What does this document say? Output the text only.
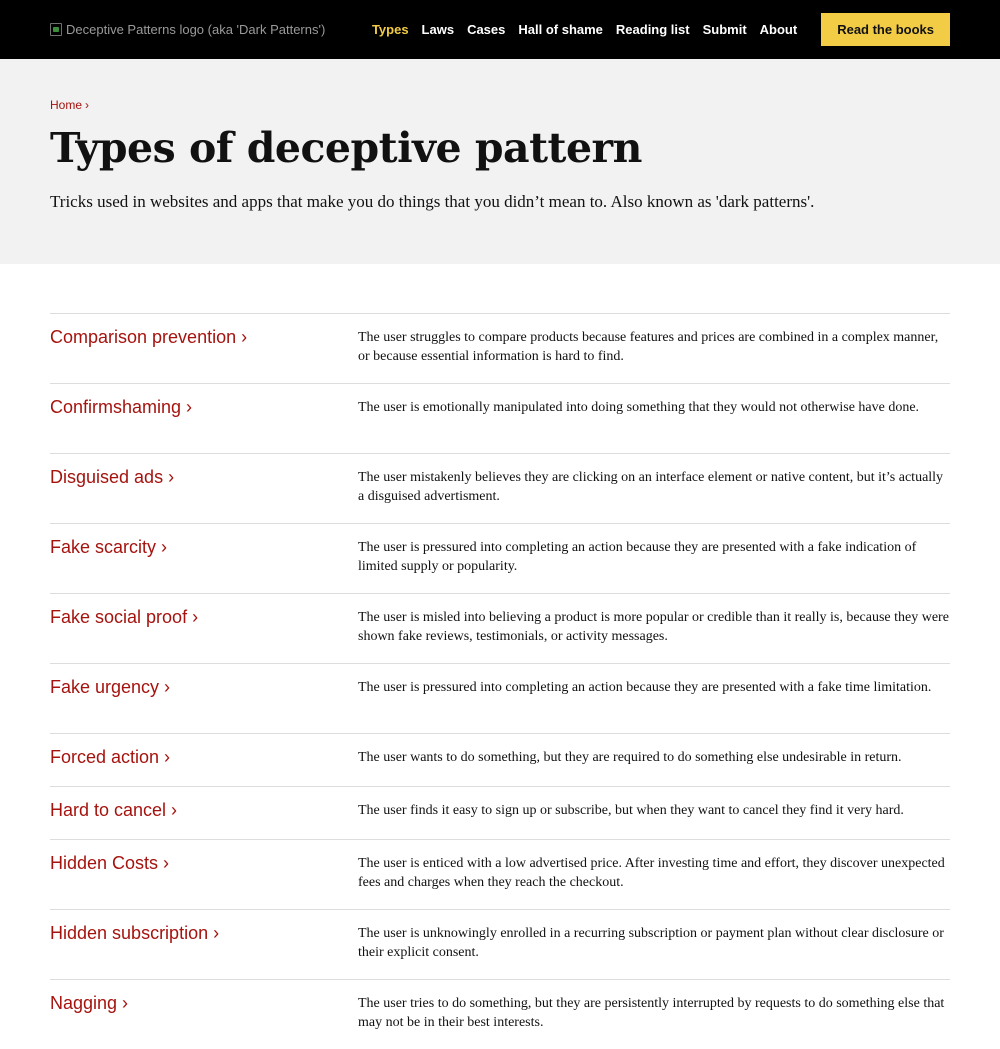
Deceptive Patterns logo (aka 'Dark Patterns')	Types Laws Cases Hall of shame Reading list Submit About	Read the books
Home ›
Types of deceptive pattern

Tricks used in websites and apps that make you do things that you didn’t mean to. Also known as 'dark patterns'.

Comparison prevention ›	The user struggles to compare products because features and prices are combined in a complex manner, or because essential information is hard to find.

Confirmshaming ›	The user is emotionally manipulated into doing something that they would not otherwise have done.

Disguised ads ›	The user mistakenly believes they are clicking on an interface element or native content, but it’s actually a disguised advertisment.

Fake scarcity ›	The user is pressured into completing an action because they are presented with a fake indication of limited supply or popularity.

Fake social proof ›	The user is misled into believing a product is more popular or credible than it really is, because they were shown fake reviews, testimonials, or activity messages.

Fake urgency ›	The user is pressured into completing an action because they are presented with a fake time limitation.

Forced action ›	The user wants to do something, but they are required to do something else undesirable in return.

Hard to cancel ›	The user finds it easy to sign up or subscribe, but when they want to cancel they find it very hard.

Hidden Costs ›	The user is enticed with a low advertised price. After investing time and effort, they discover unexpected fees and charges when they reach the checkout.

Hidden subscription ›	The user is unknowingly enrolled in a recurring subscription or payment plan without clear disclosure or their explicit consent.

Nagging ›	The user tries to do something, but they are persistently interrupted by requests to do something else that may not be in their best interests.
